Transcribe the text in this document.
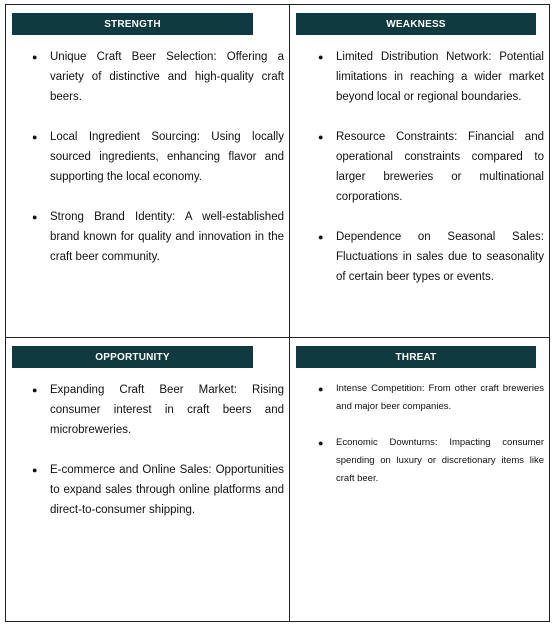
STRENGTH
● Unique Craft Beer Selection: Offering a variety of distinctive and high-quality craft beers.
● Local Ingredient Sourcing: Using locally sourced ingredients, enhancing flavor and supporting the local economy.
● Strong Brand Identity: A well-established brand known for quality and innovation in the craft beer community.
WEAKNESS
● Limited Distribution Network: Potential limitations in reaching a wider market beyond local or regional boundaries.
● Resource Constraints: Financial and operational constraints compared to larger breweries or multinational corporations.
● Dependence on Seasonal Sales: Fluctuations in sales due to seasonality of certain beer types or events.
OPPORTUNITY
● Expanding Craft Beer Market: Rising consumer interest in craft beers and microbreweries.
● E-commerce and Online Sales: Opportunities to expand sales through online platforms and direct-to-consumer shipping.
THREAT
● Intense Competition: From other craft breweries and major beer companies.
● Economic Downturns: Impacting consumer spending on luxury or discretionary items like craft beer.
